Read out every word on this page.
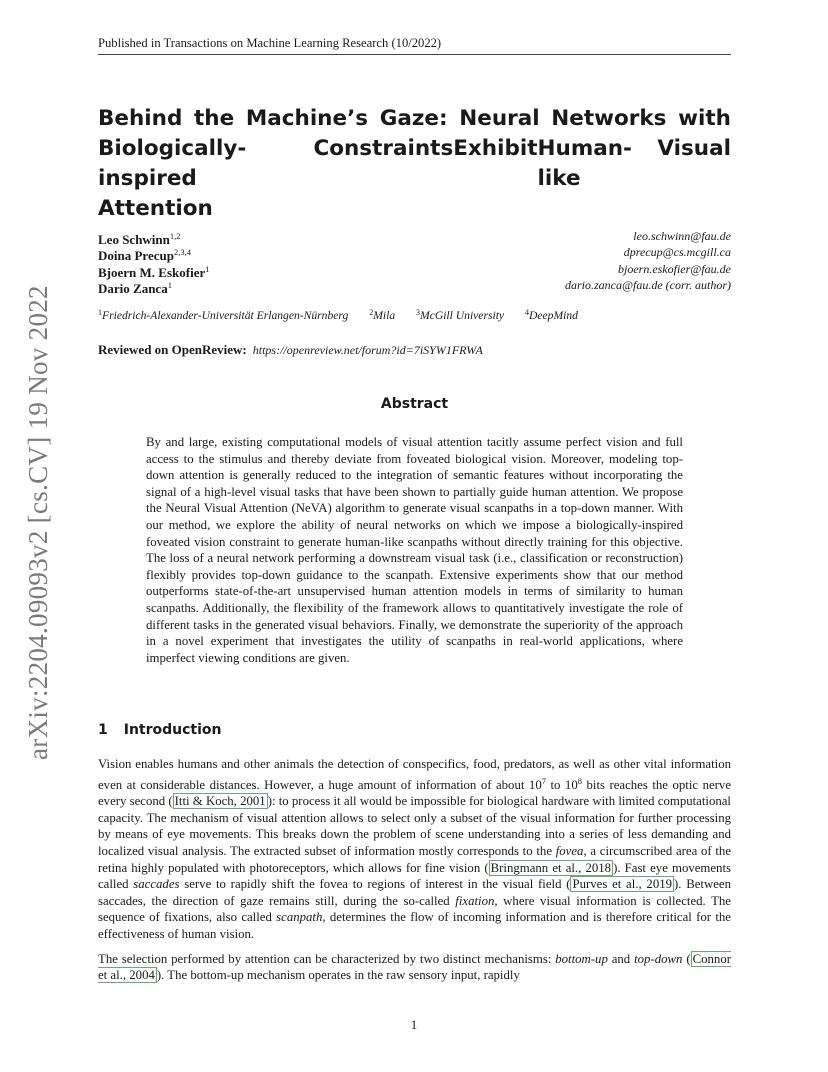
Published in Transactions on Machine Learning Research (10/2022)
arXiv:2204.09093v2 [cs.CV] 19 Nov 2022
Behind the Machine’s Gaze: Neural Networks with
Biologically-inspired
Constraints Exhibit Human-like
Visual
Attention
Leo Schwinn$^{1,2}$	leo.schwinn@fau.de
Doina Precup$^{2,3,4}$	dprecup@cs.mcgill.ca
Bjoern M. Eskofier$^1$	bjoern.eskofier@fau.de
Dario Zanca$^1$	dario.zanca@fau.de (corr. author)
$^1$Friedrich-Alexander-Universität Erlangen-Nürnberg	$^2$Mila	$^3$McGill University	$^4$DeepMind
Reviewed on OpenReview: https://openreview.net/forum?id=7iSYW1FRWA
Abstract
By and large, existing computational models of visual attention tacitly assume perfect vision and full access to the stimulus and thereby deviate from foveated biological vision. Moreover, modeling top-down attention is generally reduced to the integration of semantic features without incorporating the signal of a high-level visual tasks that have been shown to partially guide human attention. We propose the Neural Visual Attention (NeVA) algorithm to generate visual scanpaths in a top-down manner. With our method, we explore the ability of neural networks on which we impose a biologically-inspired foveated vision constraint to generate human-like scanpaths without directly training for this objective. The loss of a neural network performing a downstream visual task (i.e., classification or reconstruction) flexibly provides top-down guidance to the scanpath. Extensive experiments show that our method outperforms state-of-the-art unsupervised human attention models in terms of similarity to human scanpaths. Additionally, the flexibility of the framework allows to quantitatively investigate the role of different tasks in the generated visual behaviors. Finally, we demonstrate the superiority of the approach in a novel experiment that investigates the utility of scanpaths in real-world applications, where imperfect viewing conditions are given.
1 Introduction

Vision enables humans and other animals the detection of conspecifics, food, predators, as well as other vital information even at considerable distances. However, a huge amount of information of about $10^7$ to $10^8$ bits reaches the optic nerve every second ( Itti & Koch, 2001 ): to process it all would be impossible for biological hardware with limited computational capacity. The mechanism of visual attention allows to select only a subset of the visual information for further processing by means of eye movements. This breaks down the problem of scene understanding into a series of less demanding and localized visual analysis. The extracted subset of information mostly corresponds to the fovea, a circumscribed area of the retina highly populated with photoreceptors, which allows for fine vision ( Bringmann et al., 2018 ). Fast eye movements called saccades serve to rapidly shift the fovea to regions of interest in the visual field ( Purves et al., 2019 ). Between saccades, the direction of gaze remains still, during the so-called fixation, where visual information is collected. The sequence of fixations, also called scanpath, determines the flow of incoming information and is therefore critical for the effectiveness of human vision.

The selection performed by attention can be characterized by two distinct mechanisms: bottom-up and top-down ( Connor et al., 2004 ). The bottom-up mechanism operates in the raw sensory input, rapidly

1
